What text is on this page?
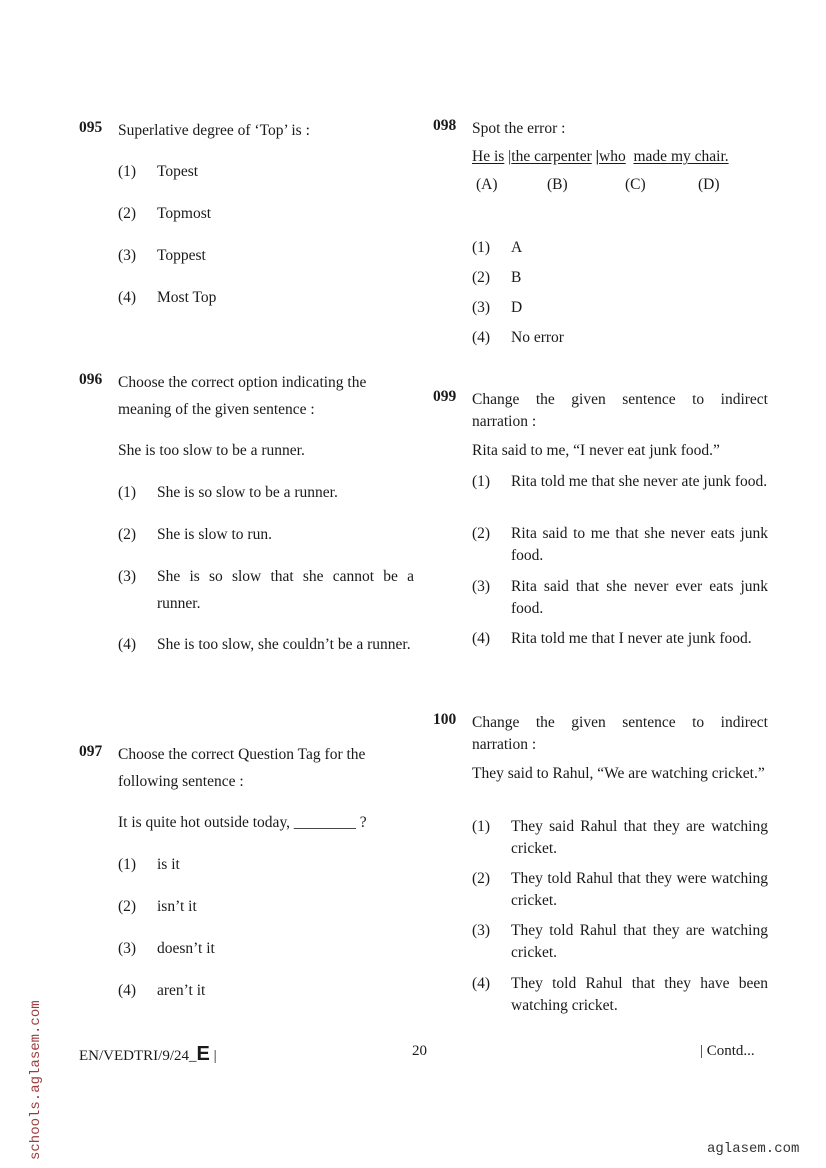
095 Superlative degree of ‘Top’ is :
(1) Topest
(2) Topmost
(3) Toppest
(4) Most Top
096 Choose the correct option indicating the
meaning of the given sentence :
She is too slow to be a runner.
(1) She is so slow to be a runner.
(2) She is slow to run.
(3) She is so slow that she cannot be a runner.
(4) She is too slow, she couldn’t be a runner.
097 Choose the correct Question Tag for the
following sentence :
It is quite hot outside today, ________ ?
(1) is it
(2) isn’t it
(3) doesn’t it
(4) aren’t it
098 Spot the error :
He is |the carpenter |who made my chair.
(A)	(B)	(C)	(D)
(1) A
(2) B
(3) D
(4) No error
099 Change the given sentence to indirect
narration :
Rita said to me, “I never eat junk food.”
(1) Rita told me that she never ate junk food.
(2) Rita said to me that she never eats junk food.
(3) Rita said that she never ever eats junk food.
(4) Rita told me that I never ate junk food.
100 Change the given sentence to indirect
narration :
They said to Rahul, “We are watching cricket.”
(1) They said Rahul that they are watching cricket.
(2) They told Rahul that they were watching cricket.
(3) They told Rahul that they are watching cricket.
(4) They told Rahul that they have been watching cricket.
EN/VEDTRI/9/24_E |	20	| Contd...
schools.aglasem.com	aglasem.com
